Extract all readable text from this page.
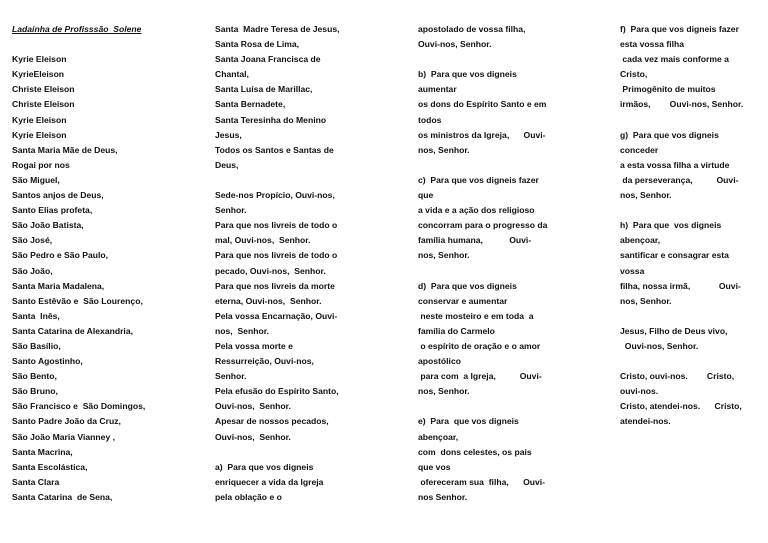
Ladainha de Profisssão  Solene
Kyrie Eleison
KyrieEleison
Christe Eleison
Christe Eleison
Kyrie Eleison
Kyrie Eleison
Santa Maria Mãe de Deus,
Rogai por nos
São Miguel,
Santos anjos de Deus,
Santo Elias profeta,
São João Batista,
São José,
São Pedro e São Paulo,
São João,
Santa Maria Madalena,
Santo Estêvão e  São Lourenço,
Santa  Inês,
Santa Catarina de Alexandria,
São Basílio,
Santo Agostinho,
São Bento,
São Bruno,
São Francisco e  São Domingos,
Santo Padre João da Cruz,
São João Maria Vianney ,
Santa Macrina,
Santa Escolástica,
Santa Clara
Santa Catarina  de Sena,
Santa  Madre Teresa de Jesus,
Santa Rosa de Lima,
Santa Joana Francisca de
Chantal,
Santa Luísa de Marillac,
Santa Bernadete,
Santa Teresinha do Menino
Jesus,
Todos os Santos e Santas de
Deus,
Sede-nos Propício, Ouvi-nos,
Senhor.
Para que nos livreis de todo o
mal, Ouvi-nos,  Senhor.
Para que nos livreis de todo o
pecado, Ouvi-nos,  Senhor.
Para que nos livreis da morte
eterna, Ouvi-nos,  Senhor.
Pela vossa Encarnação, Ouvi-
nos,  Senhor.
Pela vossa morte e
Ressurreição, Ouvi-nos,
Senhor.
Pela efusão do Espírito Santo,
Ouvi-nos,  Senhor.
Apesar de nossos pecados,
Ouvi-nos,  Senhor.
a)  Para que vos digneis
enriquecer a vida da Igreja
pela oblação e o
apostolado de vossa filha,
Ouvi-nos, Senhor.
b)  Para que vos digneis
aumentar
os dons do Espírito Santo e em
todos
os ministros da Igreja,      Ouvi-
nos, Senhor.
c)  Para que vos digneis fazer
que
a vida e a ação dos religioso
concorram para o progresso da
família humana,           Ouvi-
nos, Senhor.
d)  Para que vos digneis
conservar e aumentar
neste mosteiro e em toda  a
família do Carmelo
o espírito de oração e o amor
apostólico
para com  a Igreja,          Ouvi-
nos, Senhor.
e)  Para  que vos digneis
abençoar,
com  dons celestes, os pais
que vos
ofereceram sua  filha,      Ouvi-
nos Senhor.
f)  Para que vos digneis fazer
esta vossa filha
cada vez mais conforme a
Cristo,
Primogênito de muitos
irmãos,        Ouvi-nos, Senhor.
g)  Para que vos digneis
conceder
a esta vossa filha a virtude
da perseverança,          Ouvi-
nos, Senhor.
h)  Para que  vos digneis
abençoar,
santificar e consagrar esta
vossa
filha, nossa irmã,            Ouvi-
nos, Senhor.
Jesus, Filho de Deus vivo,
Ouvi-nos, Senhor.
Cristo, ouvi-nos.        Cristo,
ouvi-nos.
Cristo, atendei-nos.      Cristo,
atendei-nos.
